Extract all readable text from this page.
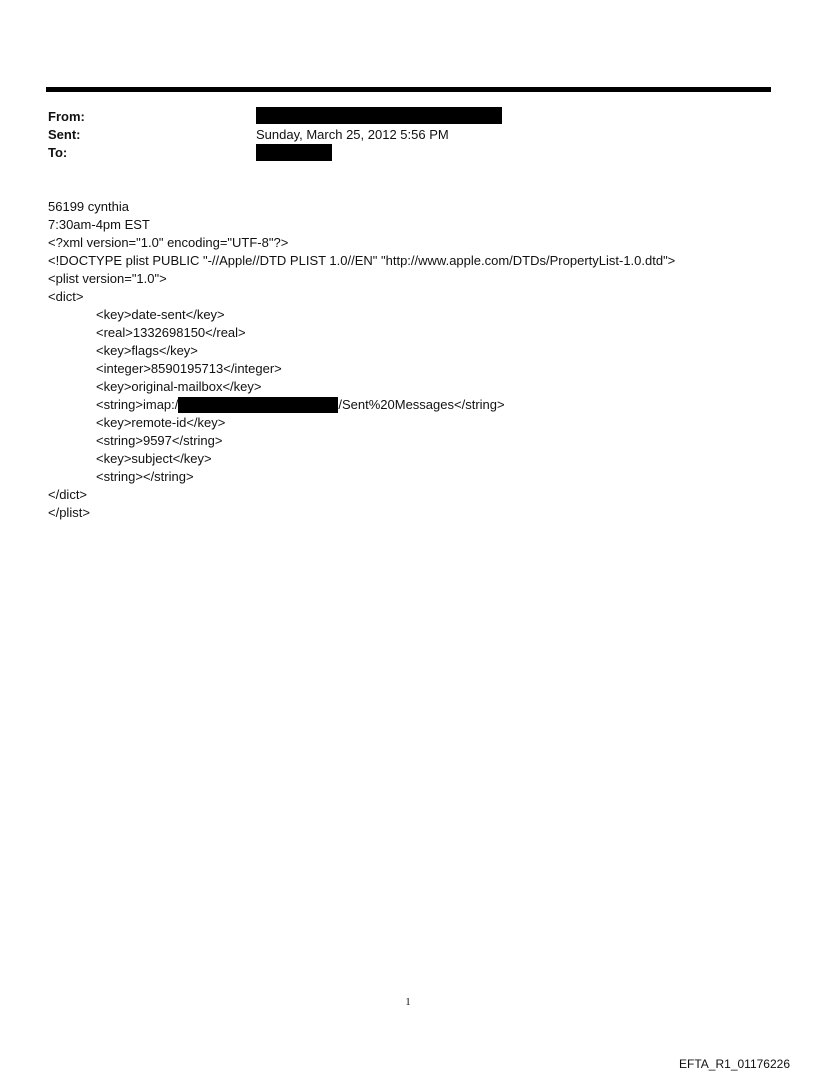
From:
Sent:	Sunday, March 25, 2012 5:56 PM
To:
56199 cynthia
7:30am-4pm EST
<?xml version="1.0" encoding="UTF-8"?>
<!DOCTYPE plist PUBLIC "-//Apple//DTD PLIST 1.0//EN" "http://www.apple.com/DTDs/PropertyList-1.0.dtd">
<plist version="1.0">
<dict>
<key>date-sent</key>
<real>1332698150</real>
<key>flags</key>
<integer>8590195713</integer>
<key>original-mailbox</key>
<string>imap:/	/Sent%20Messages</string>
<key>remote-id</key>
<string>9597</string>
<key>subject</key>
<string></string>
</dict>
</plist>
1
EFTA_R1_01176226
